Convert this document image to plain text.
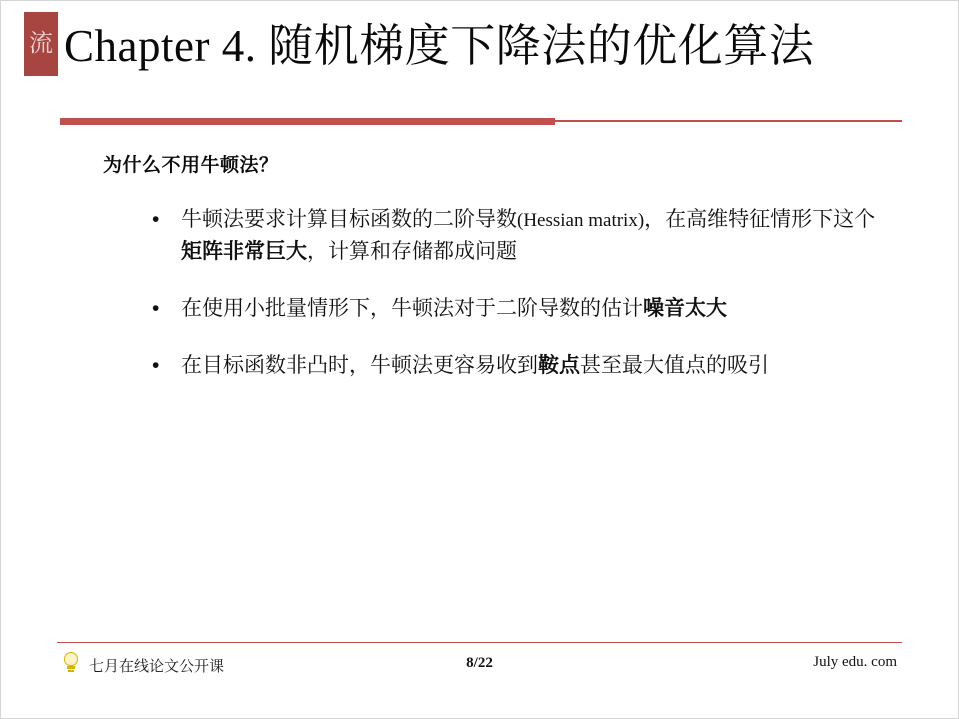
流 Chapter 4. 随机梯度下降法的优化算法
为什么不用牛顿法？
• 牛顿法要求计算目标函数的二阶导数(Hessian matrix)，在高维特征情形下这个矩阵非常巨大，计算和存储都成问题
• 在使用小批量情形下，牛顿法对于二阶导数的估计噪音太大
• 在目标函数非凸时，牛顿法更容易收到鞍点甚至最大值点的吸引
七月在线论文公开课	8/22	July edu. com
